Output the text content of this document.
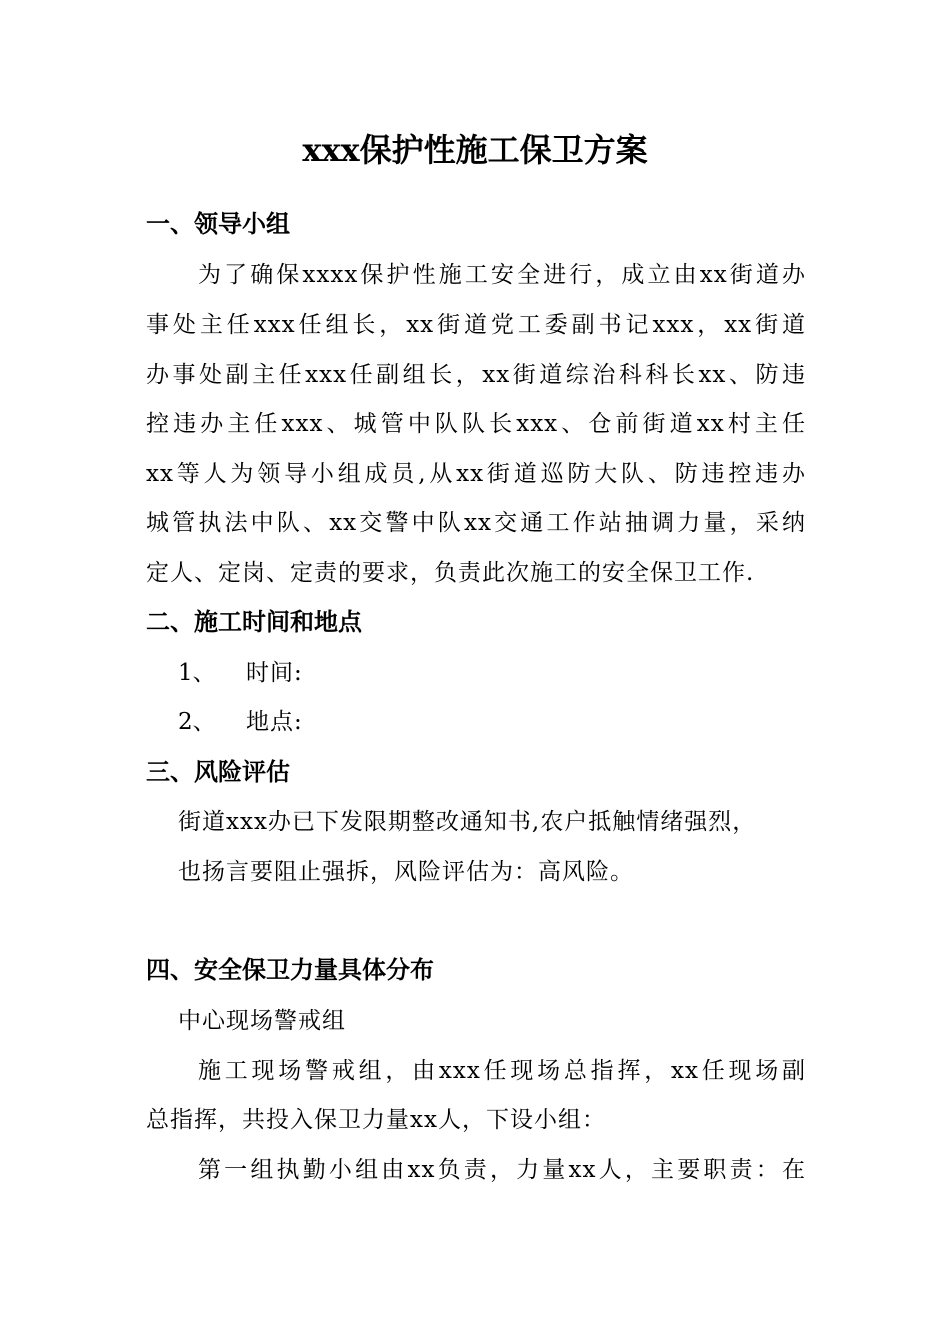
xxx保护性施工保卫方案
一、领导小组
为了确保xxxx保护性施工安全进行，成立由xx街道办
事处主任xxx任组长，xx街道党工委副书记xxx，xx街道
办事处副主任xxx任副组长，xx街道综治科科长xx、防违
控违办主任xxx、城管中队队长xxx、仓前街道xx村主任
xx等人为领导小组成员,从xx街道巡防大队、防违控违办
城管执法中队、xx交警中队xx交通工作站抽调力量，采纳
定人、定岗、定责的要求，负责此次施工的安全保卫工作.
二、施工时间和地点
1、 时间:
2、 地点:
三、风险评估
街道xxx办已下发限期整改通知书,农户抵触情绪强烈，
也扬言要阻止强拆，风险评估为：高风险。
四、安全保卫力量具体分布
中心现场警戒组
施工现场警戒组，由xxx任现场总指挥，xx任现场副
总指挥，共投入保卫力量xx人，下设小组：
第一组执勤小组由xx负责，力量xx人，主要职责：在
